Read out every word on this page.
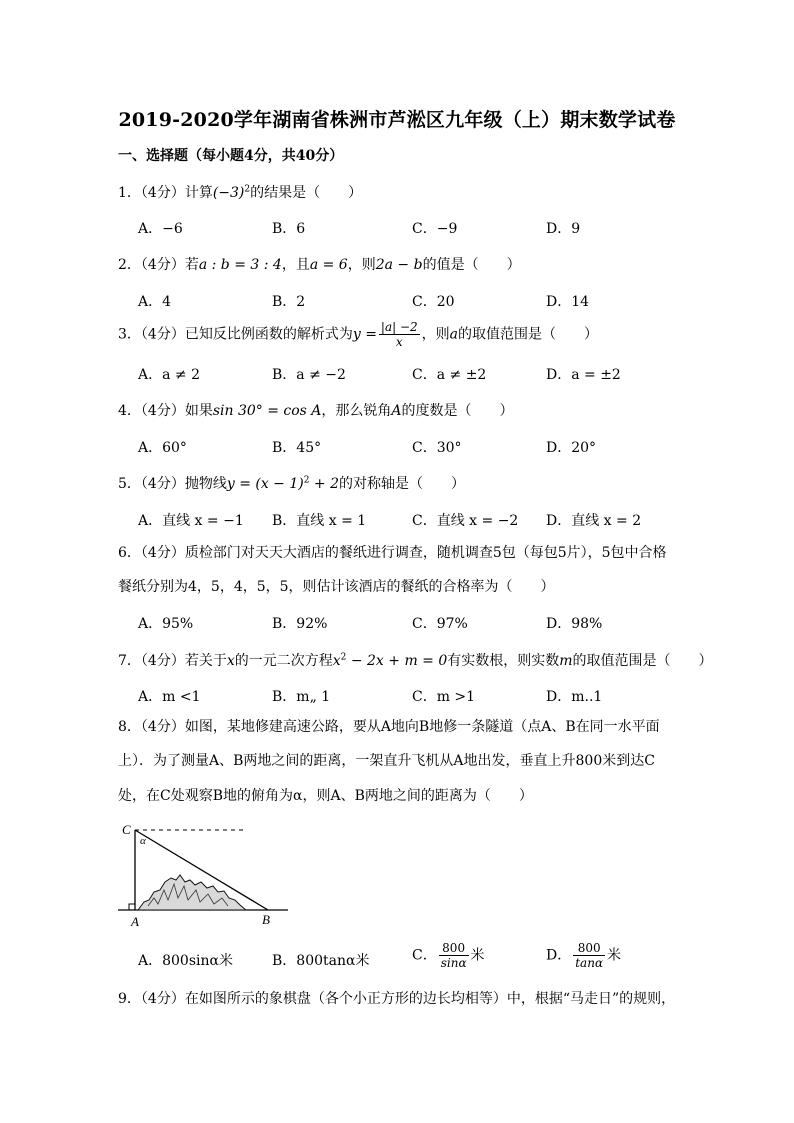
2019-2020学年湖南省株洲市芦淞区九年级（上）期末数学试卷
一、选择题（每小题4分，共40分）
1．（4分）计算$(-3)^2$的结果是（　　）
A．−6	B．6	C．−9	D．9
2．（4分）若a : b = 3 : 4，且a = 6，则2a − b的值是（　　）
A．4	B．2	C．20	D．14
3．（4分）已知反比例函数的解析式为$y = \frac{|a| -2}{x}$ ，则a的取值范围是（　　）
A．a ≠ 2	B．a ≠ −2	C．a ≠ ±2	D．a = ±2
4．（4分）如果sin 30° = cos A，那么锐角A的度数是（　　）
A．60°	B．45°	C．30°	D．20°
5．（4分）抛物线$y = (x - 1)^2 + 2$的对称轴是（　　）
A．直线 x = −1 B．直线 x = 1	C．直线 x = −2 D．直线 x = 2
6．（4分）质检部门对天天大酒店的餐纸进行调查，随机调查5包（每包5片），5包中合格
餐纸分别为4，5，4，5，5，则估计该酒店的餐纸的合格率为（　　）
A．95%	B．92%	C．97%	D．98%
7．（4分）若关于x的一元二次方程$x^2 - 2x + m = 0$有实数根，则实数m的取值范围是（　　）
A．m <1	B．m„ 1	C．m >1	D．m..1
8．（4分）如图，某地修建高速公路，要从A地向B地修一条隧道（点A、B在同一水平面
上）．为了测量A、B两地之间的距离，一架直升飞机从A地出发，垂直上升800米到达C
处，在C处观察B地的俯角为α，则A、B两地之间的距离为（　　）
C
α
A	B
A．800sinα米	B．800tanα米	C． $\frac{800}{\sin\alpha}$ 米	D． $\frac{800}{\tan\alpha}$ 米
9．（4分）在如图所示的象棋盘（各个小正方形的边长均相等）中，根据“马走日”的规则，
